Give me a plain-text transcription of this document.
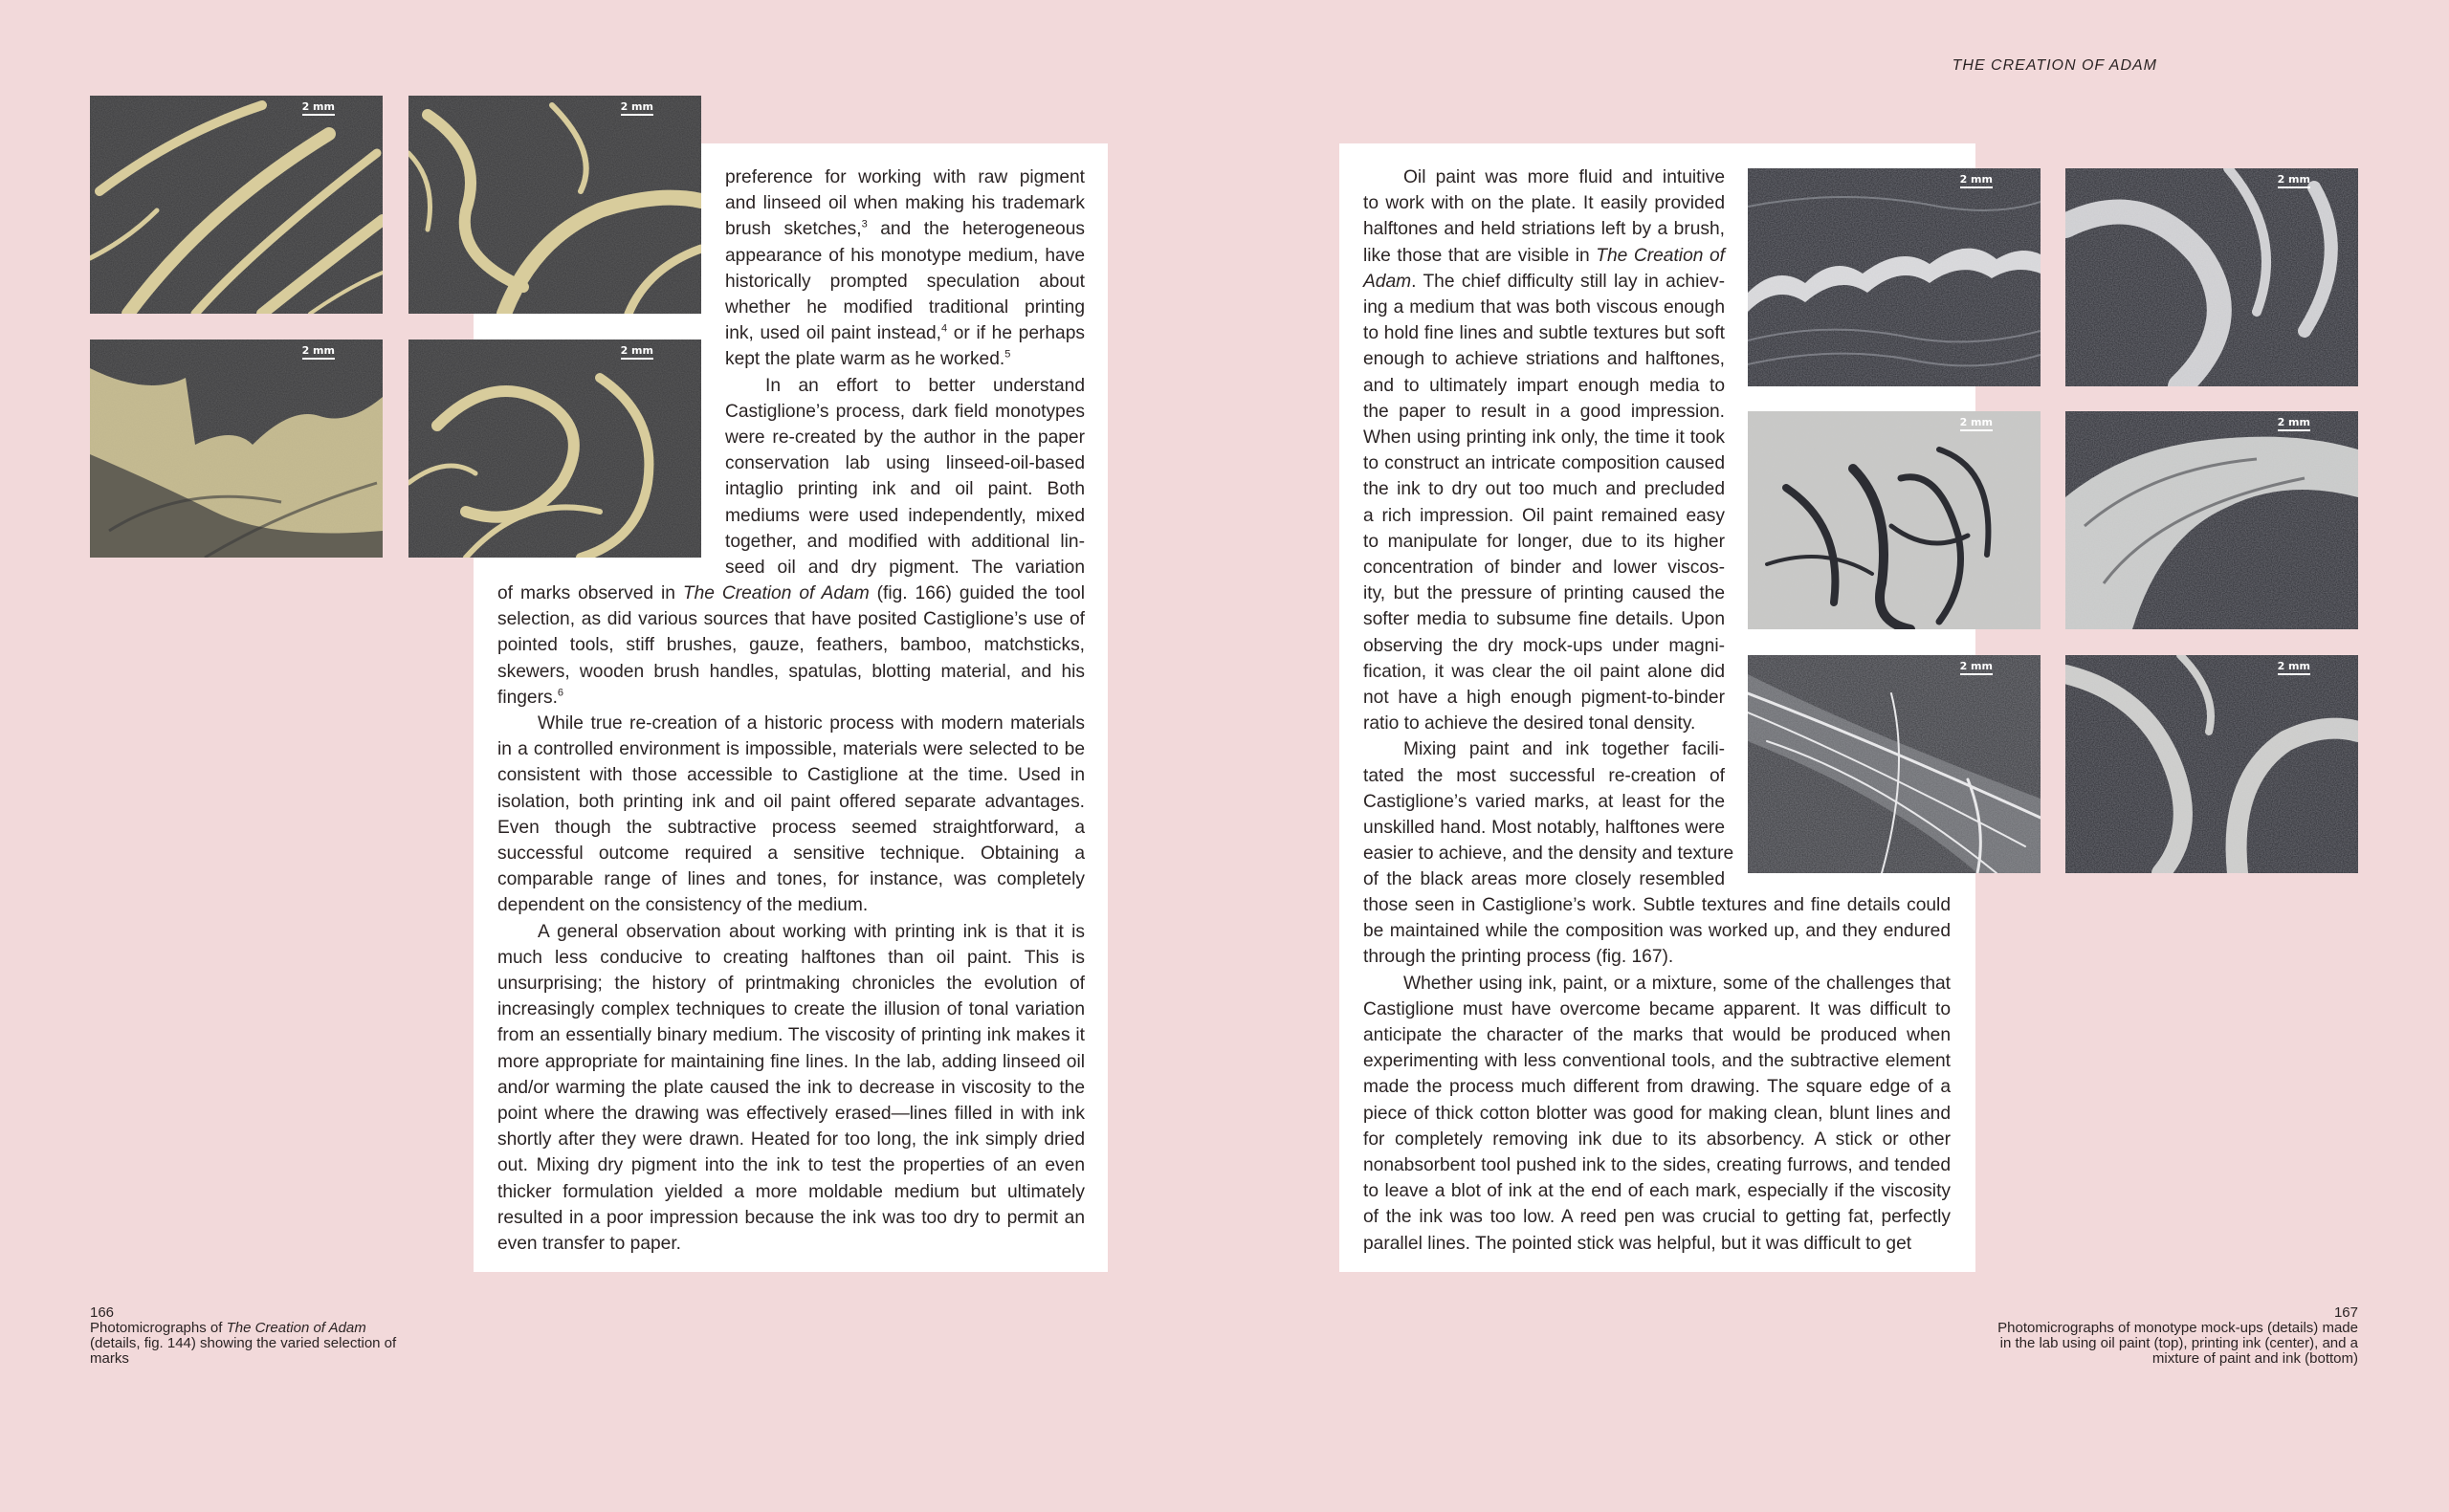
THE CREATION OF ADAM
2 mm	2 mm
2 mm	2 mm
preference for working with raw pigment
and linseed oil when making his trademark
brush sketches,$^3$ and the heterogeneous
appearance of his monotype medium, have
historically prompted speculation about
whether he modified traditional printing
ink, used oil paint instead,$^4$ or if he perhaps
kept the plate warm as he worked.$^5$
In an effort to better understand
Castiglione’s process, dark field monotypes
were re-created by the author in the paper
conservation lab using linseed-oil-based
intaglio printing ink and oil paint. Both
mediums were used independently, mixed
together, and modified with additional lin-
seed oil and dry pigment. The variation

of marks observed in The Creation of Adam (fig. 166) guided the tool selection, as did various sources that have posited Castiglione’s use of pointed tools, stiff brushes, gauze, feathers, bamboo, matchsticks, skewers, wooden brush handles, spatulas, blotting material, and his fingers.$^6$

While true re-creation of a historic process with modern materials in a controlled environment is impossible, materials were selected to be consistent with those accessible to Castiglione at the time. Used in isolation, both printing ink and oil paint offered separate advantages. Even though the subtractive process seemed straightforward, a successful outcome required a sensitive technique. Obtaining a comparable range of lines and tones, for instance, was completely dependent on the consistency of the medium.

A general observation about working with printing ink is that it is much less conducive to creating halftones than oil paint. This is unsurprising; the history of printmaking chronicles the evolution of increasingly complex techniques to create the illusion of tonal variation from an essentially binary medium. The viscosity of printing ink makes it more appropriate for maintaining fine lines. In the lab, adding linseed oil and/or warming the plate caused the ink to decrease in viscosity to the point where the drawing was effectively erased—lines filled in with ink shortly after they were drawn. Heated for too long, the ink simply dried out. Mixing dry pigment into the ink to test the properties of an even thicker formulation yielded a more moldable medium but ultimately resulted in a poor impression because the ink was too dry to permit an even transfer to paper.

2 mm	2 mm
2 mm	2 mm
2 mm	2 mm
Oil paint was more fluid and intuitive
to work with on the plate. It easily provided
halftones and held striations left by a brush,
like those that are visible in The Creation of
Adam. The chief difficulty still lay in achiev-
ing a medium that was both viscous enough
to hold fine lines and subtle textures but soft
enough to achieve striations and halftones,
and to ultimately impart enough media to
the paper to result in a good impression.
When using printing ink only, the time it took
to construct an intricate composition caused
the ink to dry out too much and precluded
a rich impression. Oil paint remained easy
to manipulate for longer, due to its higher
concentration of binder and lower viscos-
ity, but the pressure of printing caused the
softer media to subsume fine details. Upon
observing the dry mock-ups under magni-
fication, it was clear the oil paint alone did
not have a high enough pigment-to-binder
ratio to achieve the desired tonal density.
Mixing paint and ink together facili-
tated the most successful re-creation of
Castiglione’s varied marks, at least for the
unskilled hand. Most notably, halftones were
easier to achieve, and the density and texture
of the black areas more closely resembled

those seen in Castiglione’s work. Subtle textures and fine details could be maintained while the composition was worked up, and they endured through the printing process (fig. 167).

Whether using ink, paint, or a mixture, some of the challenges that Castiglione must have overcome became apparent. It was difficult to anticipate the character of the marks that would be produced when experimenting with less conventional tools, and the subtractive element made the process much different from drawing. The square edge of a piece of thick cotton blotter was good for making clean, blunt lines and for completely removing ink due to its absorbency. A stick or other nonabsorbent tool pushed ink to the sides, creating furrows, and tended to leave a blot of ink at the end of each mark, especially if the viscosity of the ink was too low. A reed pen was crucial to getting fat, perfectly parallel lines. The pointed stick was helpful, but it was difficult to get

166
Photomicrographs of The Creation of Adam (details, fig. 144) showing the varied selection of marks
167
Photomicrographs of monotype mock-ups (details) made in the lab using oil paint (top), printing ink (center), and a mixture of paint and ink (bottom)
